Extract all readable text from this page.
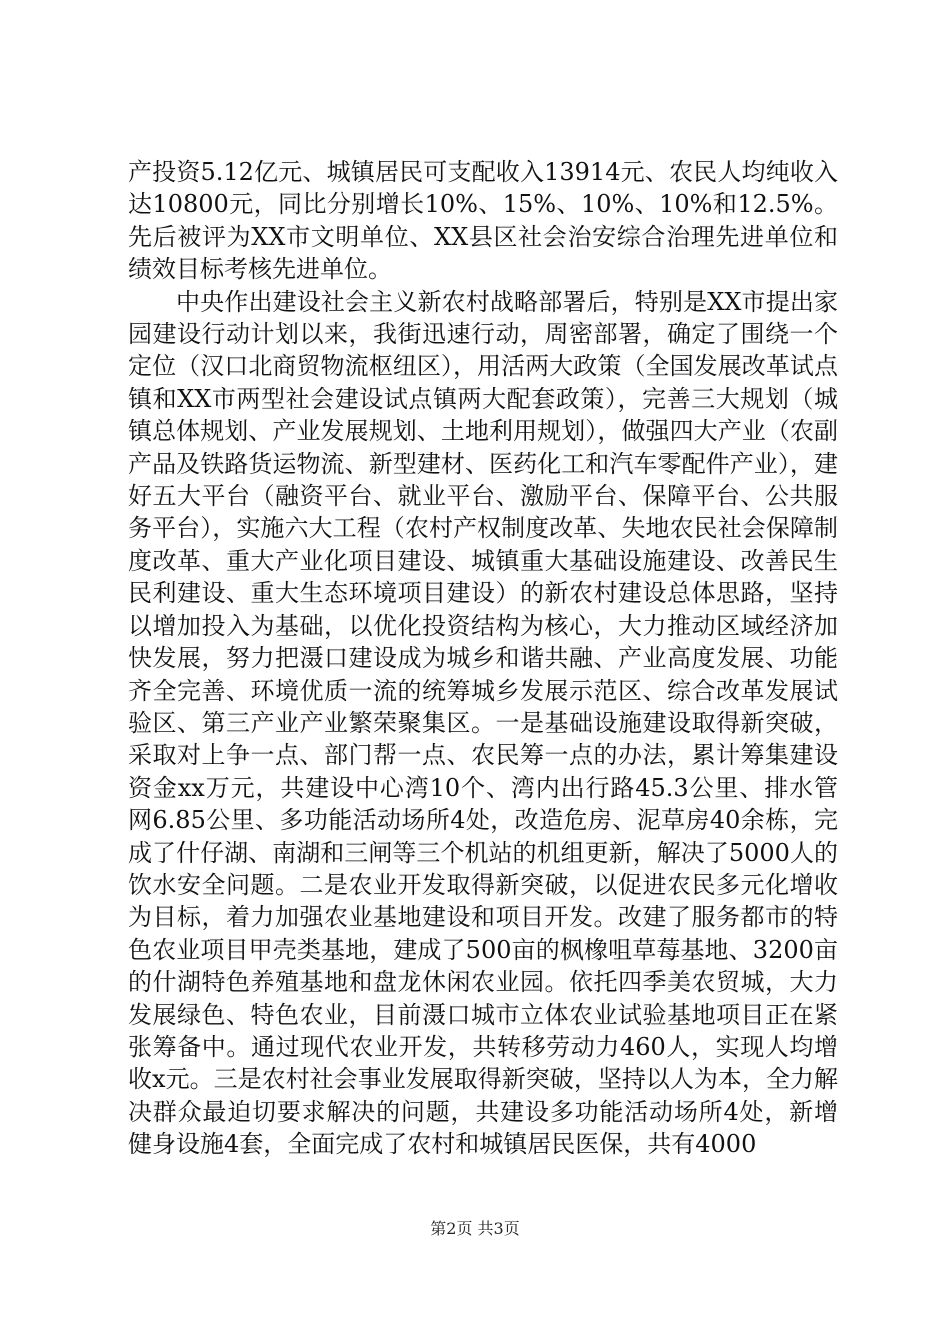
产投资5.12亿元、城镇居民可支配收入13914元、农民人均纯收入达10800元，同比分别增长10%、15%、10%、10%和12.5%。先后被评为XX市文明单位、XX县区社会治安综合治理先进单位和绩效目标考核先进单位。

中央作出建设社会主义新农村战略部署后，特别是XX市提出家园建设行动计划以来，我街迅速行动，周密部署，确定了围绕一个定位（汉口北商贸物流枢纽区），用活两大政策（全国发展改革试点镇和XX市两型社会建设试点镇两大配套政策），完善三大规划（城镇总体规划、产业发展规划、土地利用规划），做强四大产业（农副产品及铁路货运物流、新型建材、医药化工和汽车零配件产业），建好五大平台（融资平台、就业平台、激励平台、保障平台、公共服务平台），实施六大工程（农村产权制度改革、失地农民社会保障制度改革、重大产业化项目建设、城镇重大基础设施建设、改善民生民利建设、重大生态环境项目建设）的新农村建设总体思路，坚持以增加投入为基础，以优化投资结构为核心，大力推动区域经济加快发展，努力把滠口建设成为城乡和谐共融、产业高度发展、功能齐全完善、环境优质一流的统筹城乡发展示范区、综合改革发展试验区、第三产业产业繁荣聚集区。一是基础设施建设取得新突破，采取对上争一点、部门帮一点、农民筹一点的办法，累计筹集建设资金xx万元，共建设中心湾10个、湾内出行路45.3公里、排水管网6.85公里、多功能活动场所4处，改造危房、泥草房40余栋，完成了什仔湖、南湖和三闸等三个机站的机组更新，解决了5000人的饮水安全问题。二是农业开发取得新突破，以促进农民多元化增收为目标，着力加强农业基地建设和项目开发。改建了服务都市的特色农业项目甲壳类基地，建成了500亩的枫橡咀草莓基地、3200亩的什湖特色养殖基地和盘龙休闲农业园。依托四季美农贸城，大力发展绿色、特色农业，目前滠口城市立体农业试验基地项目正在紧张筹备中。通过现代农业开发，共转移劳动力460人，实现人均增收x元。三是农村社会事业发展取得新突破，坚持以人为本，全力解决群众最迫切要求解决的问题，共建设多功能活动场所4处，新增健身设施4套，全面完成了农村和城镇居民医保，共有4000

第2页 共3页
